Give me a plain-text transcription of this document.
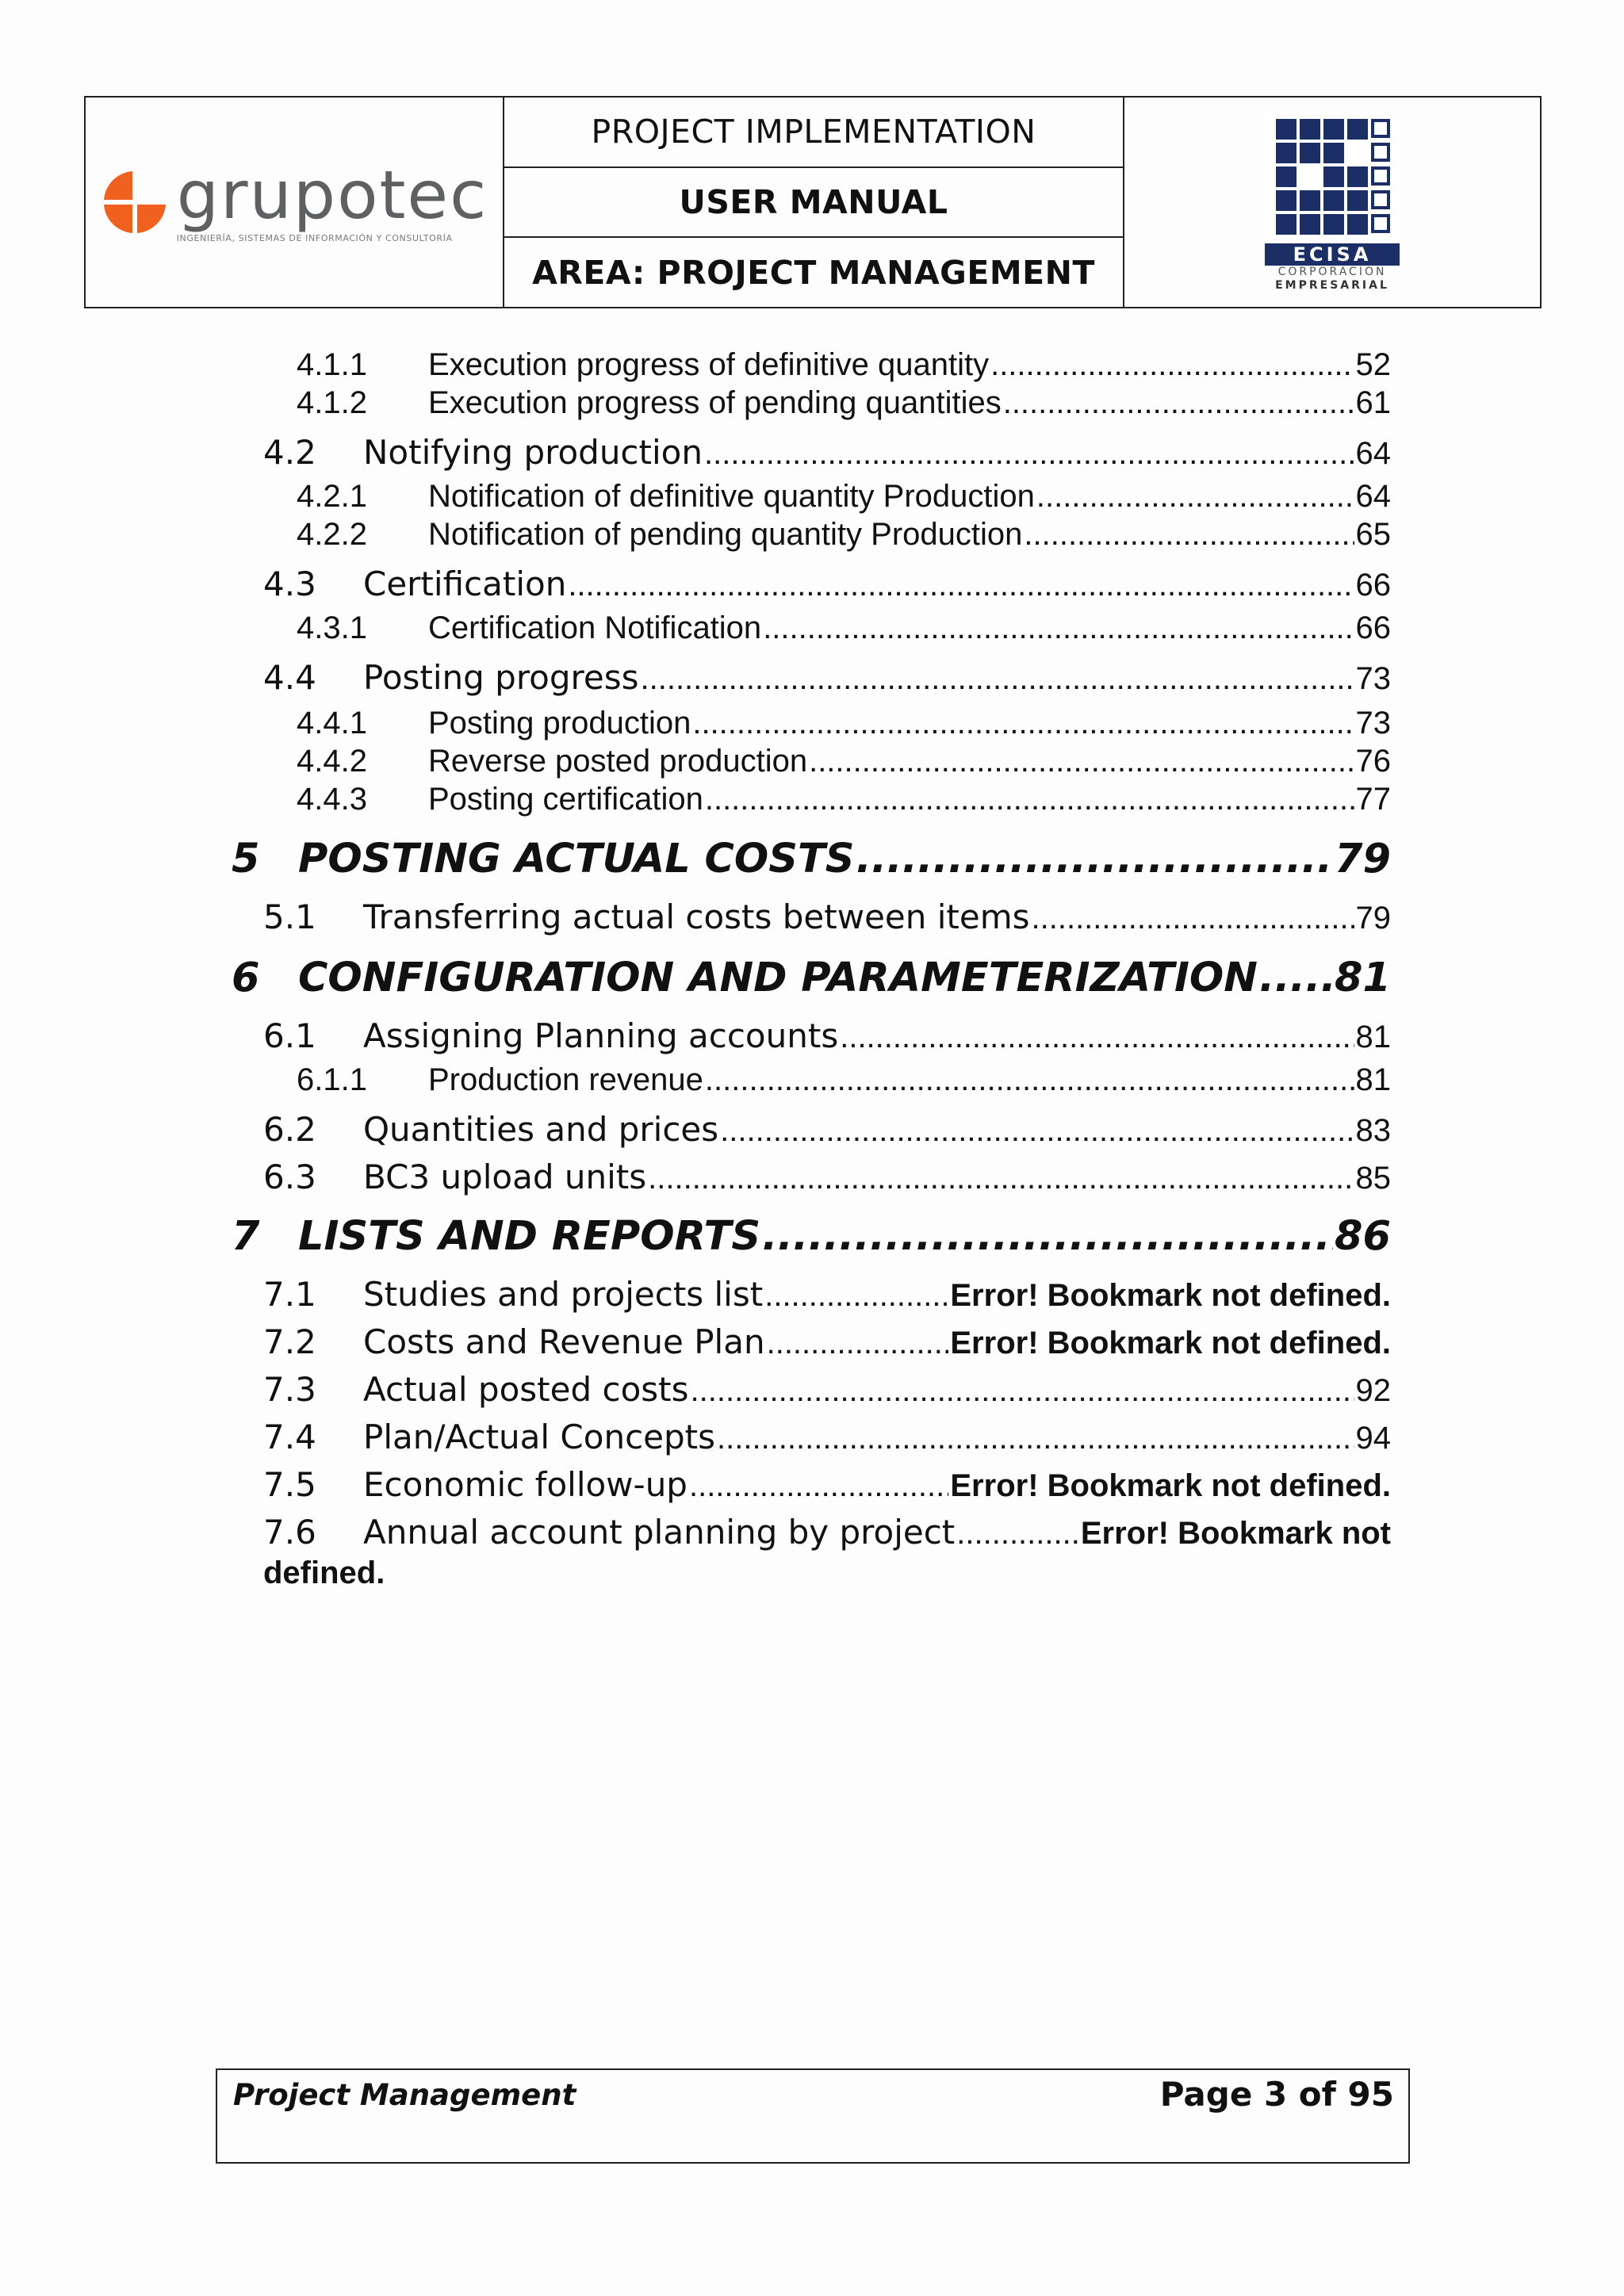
grupotec
INGENIERÍA, SISTEMAS DE INFORMACIÓN Y CONSULTORÍA
PROJECT IMPLEMENTATION
USER MANUAL
AREA: PROJECT MANAGEMENT	ECISA
CORPORACIÓN
EMPRESARIAL
4.1.1	Execution progress of definitive quantity .....	52
4.1.2	Execution progress of pending quantities .....	61
4.2	Notifying production .....	64
4.2.1	Notification of definitive quantity Production .....	64
4.2.2	Notification of pending quantity Production .....	65
4.3	Certification .....	66
4.3.1	Certification Notification .....	66
4.4	Posting progress .....	73
4.4.1	Posting production .....	73
4.4.2	Reverse posted production .....	76
4.4.3	Posting certification .....	77
5 POSTING ACTUAL COSTS .....	79
5.1	Transferring actual costs between items .....	79
6 CONFIGURATION AND PARAMETERIZATION ..... 81
6.1	Assigning Planning accounts .....	81
6.1.1	Production revenue .....	81
6.2	Quantities and prices .....	83
6.3	BC3 upload units .....	85
7 LISTS AND REPORTS .....	86
7.1	Studies and projects list .....	Error! Bookmark not defined.
7.2	Costs and Revenue Plan .....	Error! Bookmark not defined.
7.3	Actual posted costs .....	92
7.4	Plan/Actual Concepts .....	94
7.5	Economic follow-up .....	Error! Bookmark not defined.
7.6	Annual account planning by project .....	Error! Bookmark not
defined.
Project Management	Page 3 of 95
